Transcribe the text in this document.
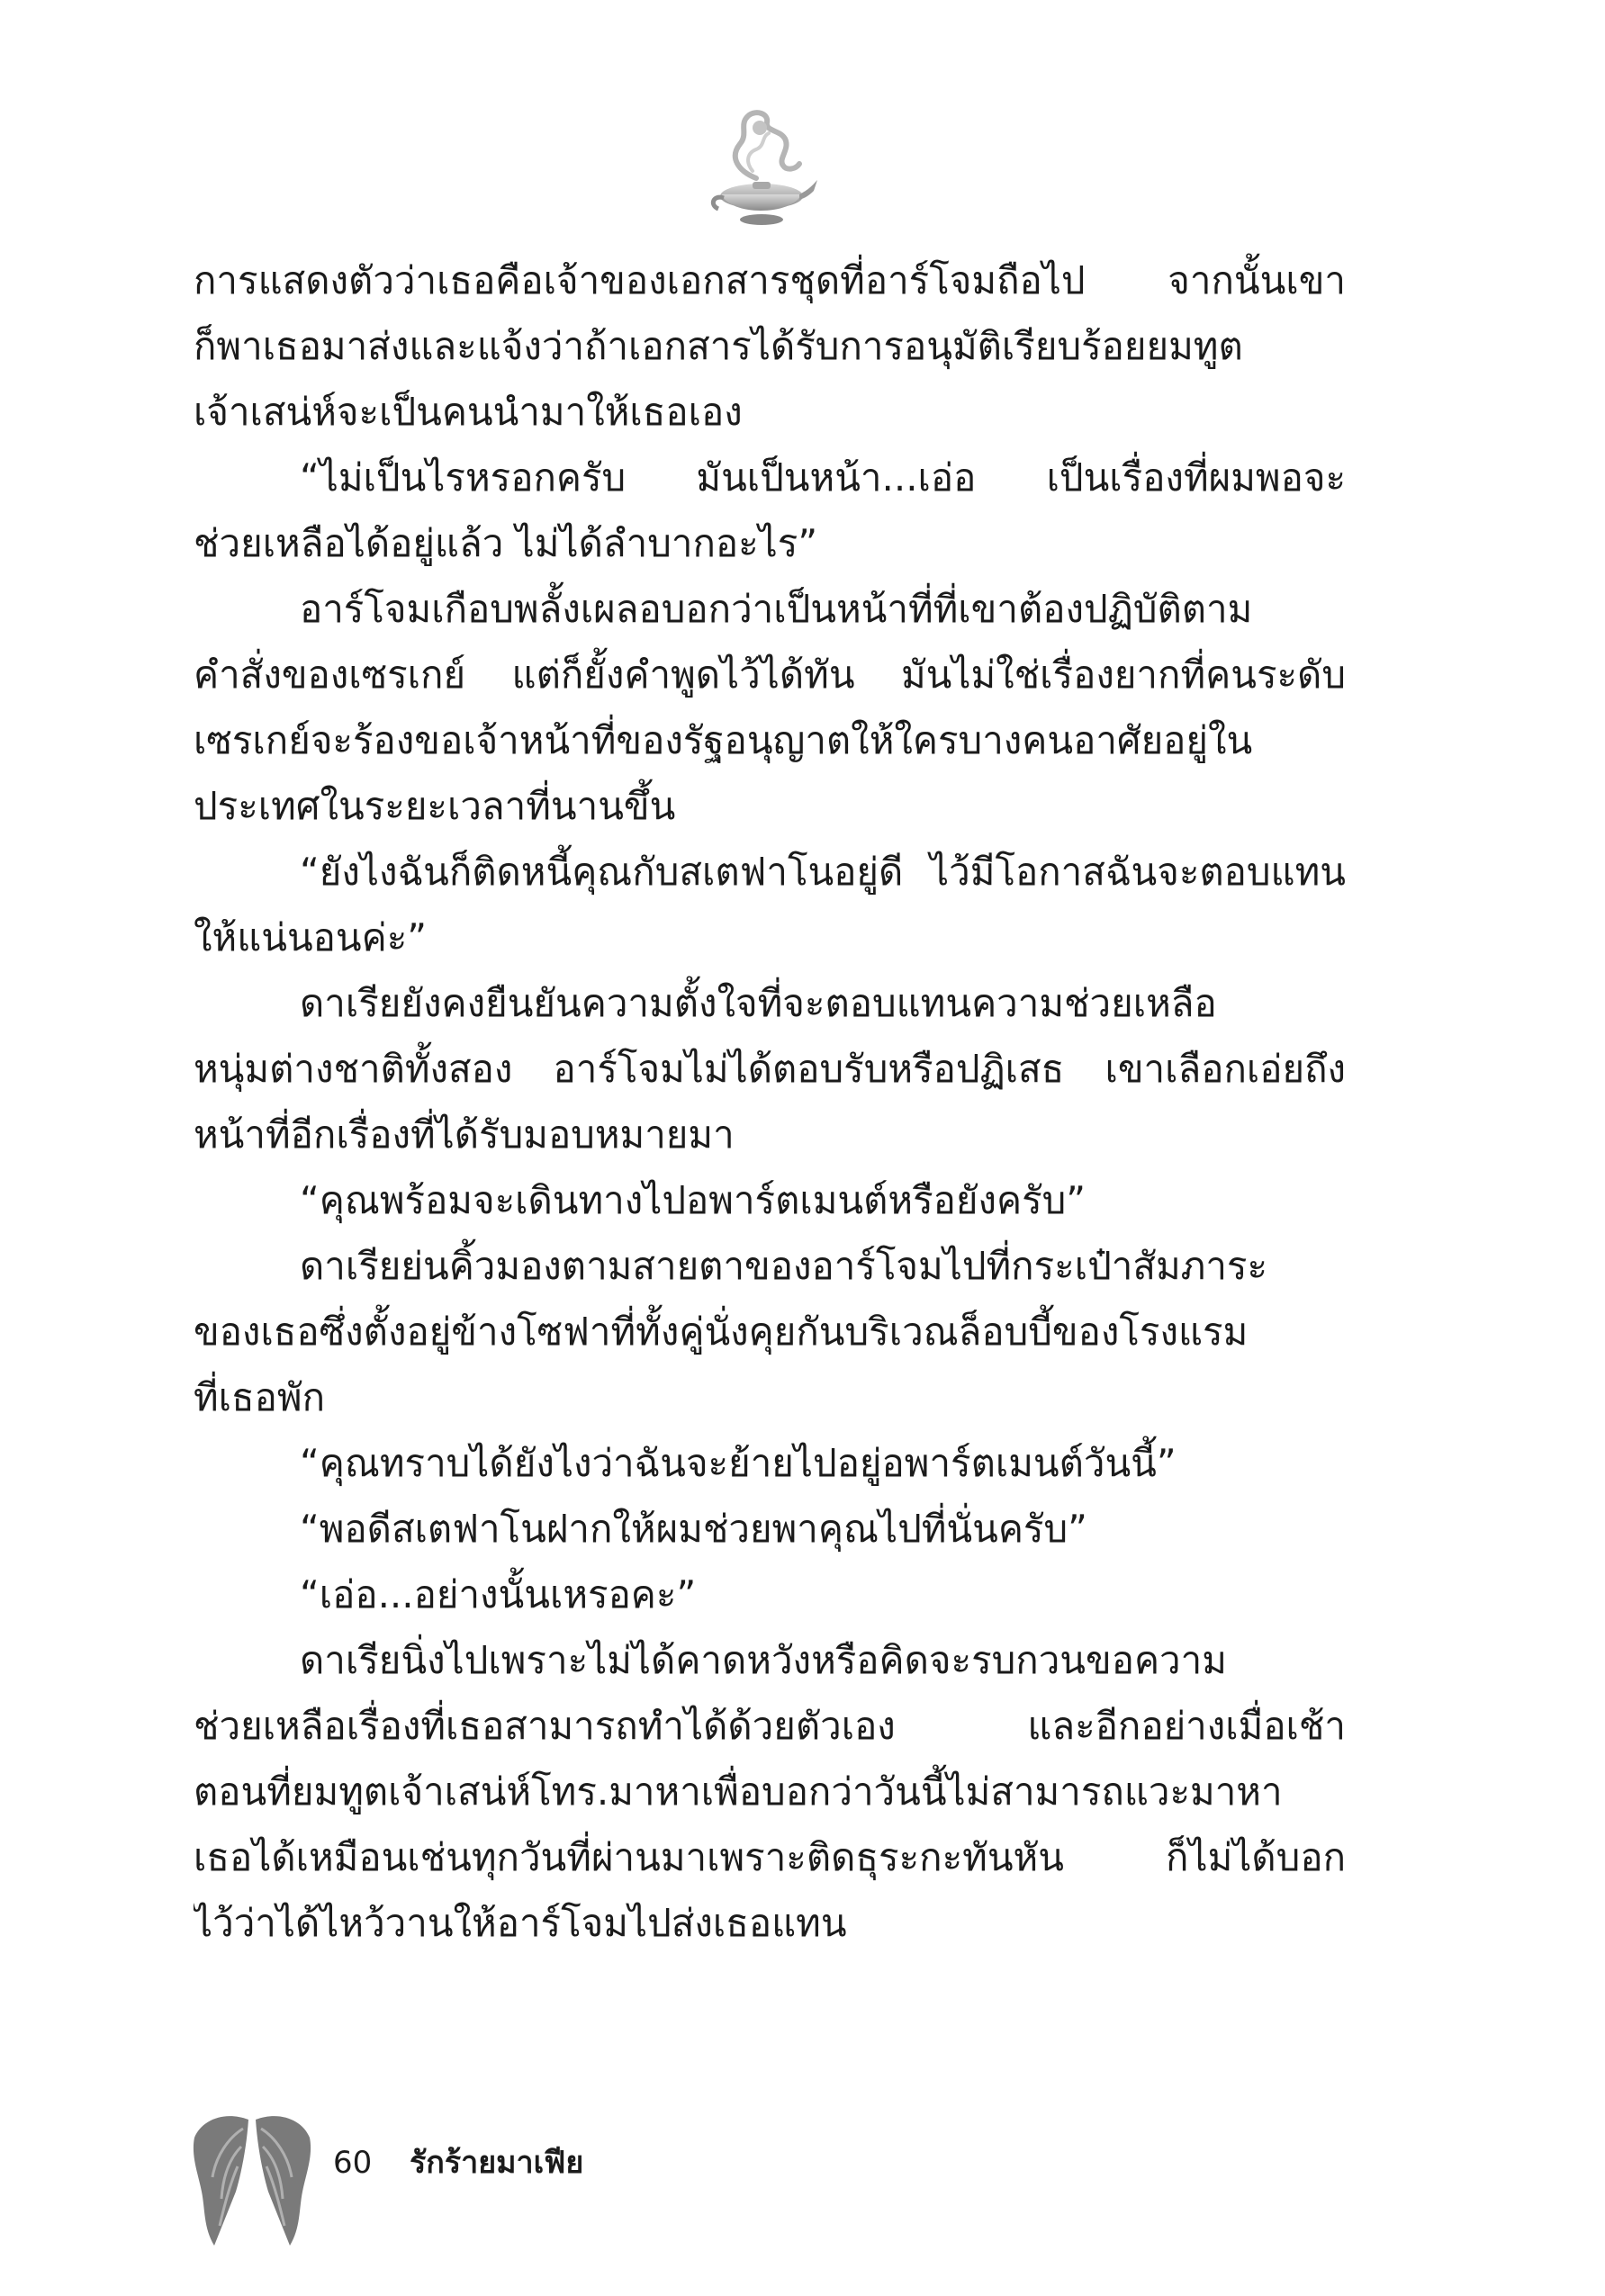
การแสดงตัวว่าเธอคือเจ้าของเอกสารชุดที่อาร์โจมถือไป จากนั้นเขา
ก็พาเธอมาส่งและแจ้งว่าถ้าเอกสารได้รับการอนุมัติเรียบร้อยยมทูต
เจ้าเสน่ห์จะเป็นคนนำมาให้เธอเอง
“ไม่เป็นไรหรอกครับ มันเป็นหน้า...เอ่อ เป็นเรื่องที่ผมพอจะ
ช่วยเหลือได้อยู่แล้ว ไม่ได้ลำบากอะไร”
อาร์โจมเกือบพลั้งเผลอบอกว่าเป็นหน้าที่ที่เขาต้องปฏิบัติตาม
คำสั่งของเซรเกย์ แต่ก็ยั้งคำพูดไว้ได้ทัน มันไม่ใช่เรื่องยากที่คนระดับ
เซรเกย์จะร้องขอเจ้าหน้าที่ของรัฐอนุญาตให้ใครบางคนอาศัยอยู่ใน
ประเทศในระยะเวลาที่นานขึ้น
“ยังไงฉันก็ติดหนี้คุณกับสเตฟาโนอยู่ดี ไว้มีโอกาสฉันจะตอบแทน
ให้แน่นอนค่ะ”
ดาเรียยังคงยืนยันความตั้งใจที่จะตอบแทนความช่วยเหลือ
หนุ่มต่างชาติทั้งสอง อาร์โจมไม่ได้ตอบรับหรือปฏิเสธ เขาเลือกเอ่ยถึง
หน้าที่อีกเรื่องที่ได้รับมอบหมายมา
“คุณพร้อมจะเดินทางไปอพาร์ตเมนต์หรือยังครับ”
ดาเรียย่นคิ้วมองตามสายตาของอาร์โจมไปที่กระเป๋าสัมภาระ
ของเธอซึ่งตั้งอยู่ข้างโซฟาที่ทั้งคู่นั่งคุยกันบริเวณล็อบบี้ของโรงแรม
ที่เธอพัก
“คุณทราบได้ยังไงว่าฉันจะย้ายไปอยู่อพาร์ตเมนต์วันนี้”
“พอดีสเตฟาโนฝากให้ผมช่วยพาคุณไปที่นั่นครับ”
“เอ่อ...อย่างนั้นเหรอคะ”
ดาเรียนิ่งไปเพราะไม่ได้คาดหวังหรือคิดจะรบกวนขอความ
ช่วยเหลือเรื่องที่เธอสามารถทำได้ด้วยตัวเอง และอีกอย่างเมื่อเช้า
ตอนที่ยมทูตเจ้าเสน่ห์โทร.มาหาเพื่อบอกว่าวันนี้ไม่สามารถแวะมาหา
เธอได้เหมือนเช่นทุกวันที่ผ่านมาเพราะติดธุระกะทันหัน ก็ไม่ได้บอก
ไว้ว่าได้ไหว้วานให้อาร์โจมไปส่งเธอแทน
60 รักร้ายมาเฟีย
